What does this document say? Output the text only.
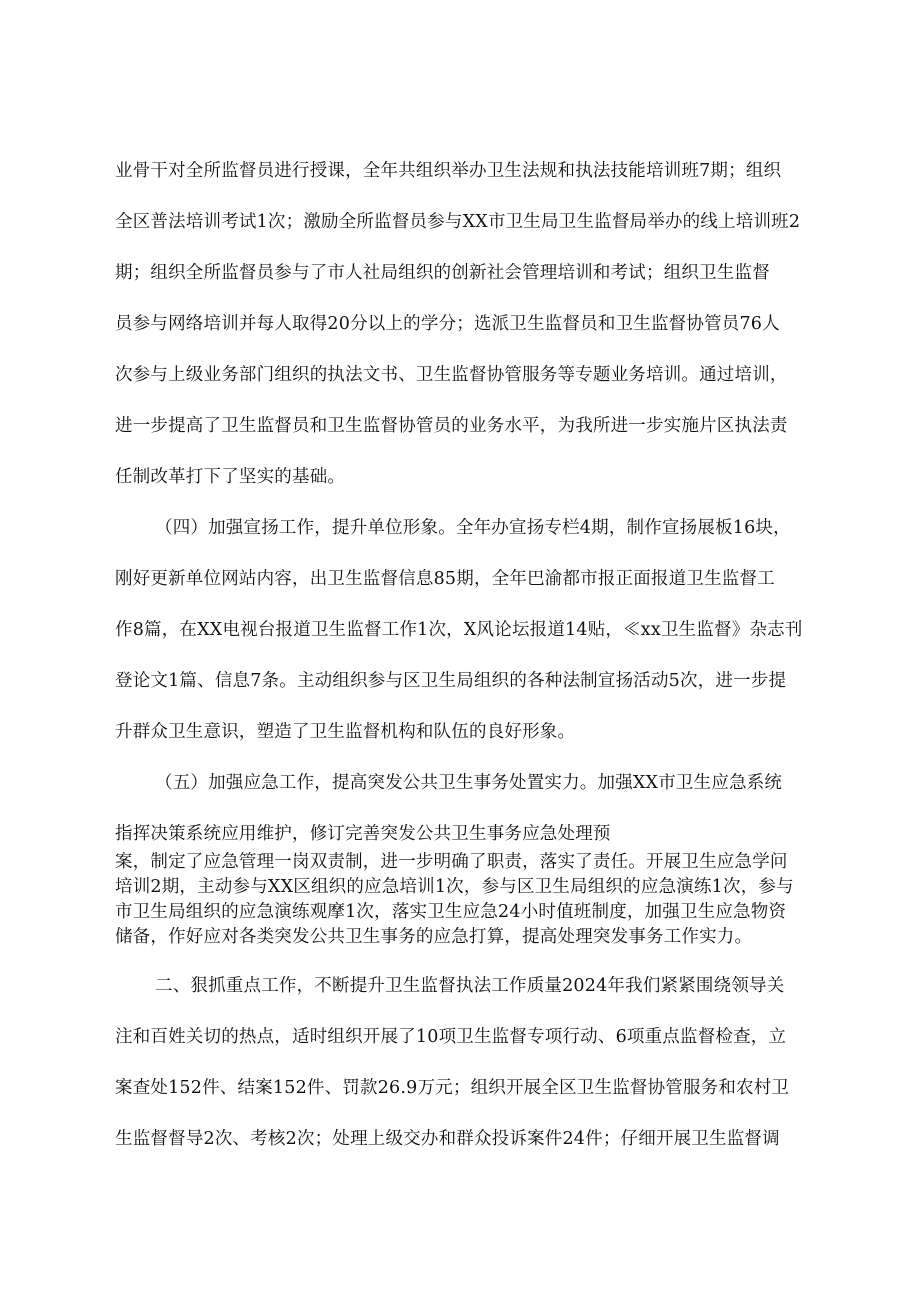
业骨干对全所监督员进行授课，全年共组织举办卫生法规和执法技能培训班7期；组织
全区普法培训考试1次；激励全所监督员参与XX市卫生局卫生监督局举办的线上培训班2
期；组织全所监督员参与了市人社局组织的创新社会管理培训和考试；组织卫生监督
员参与网络培训并每人取得20分以上的学分；选派卫生监督员和卫生监督协管员76人
次参与上级业务部门组织的执法文书、卫生监督协管服务等专题业务培训。通过培训，
进一步提高了卫生监督员和卫生监督协管员的业务水平，为我所进一步实施片区执法责
任制改革打下了坚实的基础。
（四）加强宣扬工作，提升单位形象。全年办宣扬专栏4期，制作宣扬展板16块，
刚好更新单位网站内容，出卫生监督信息85期，全年巴渝都市报正面报道卫生监督工
作8篇，在XX电视台报道卫生监督工作1次，X风论坛报道14贴，≪xx卫生监督》杂志刊
登论文1篇、信息7条。主动组织参与区卫生局组织的各种法制宣扬活动5次，进一步提
升群众卫生意识，塑造了卫生监督机构和队伍的良好形象。
（五）加强应急工作，提高突发公共卫生事务处置实力。加强XX市卫生应急系统
指挥决策系统应用维护，修订完善突发公共卫生事务应急处理预
案，制定了应急管理一岗双责制，进一步明确了职责，落实了责任。开展卫生应急学问
培训2期，主动参与XX区组织的应急培训1次，参与区卫生局组织的应急演练1次，参与
市卫生局组织的应急演练观摩1次，落实卫生应急24小时值班制度，加强卫生应急物资
储备，作好应对各类突发公共卫生事务的应急打算，提高处理突发事务工作实力。
二、狠抓重点工作，不断提升卫生监督执法工作质量2024年我们紧紧围绕领导关
注和百姓关切的热点，适时组织开展了10项卫生监督专项行动、6项重点监督检查，立
案查处152件、结案152件、罚款26.9万元；组织开展全区卫生监督协管服务和农村卫
生监督督导2次、考核2次；处理上级交办和群众投诉案件24件；仔细开展卫生监督调
